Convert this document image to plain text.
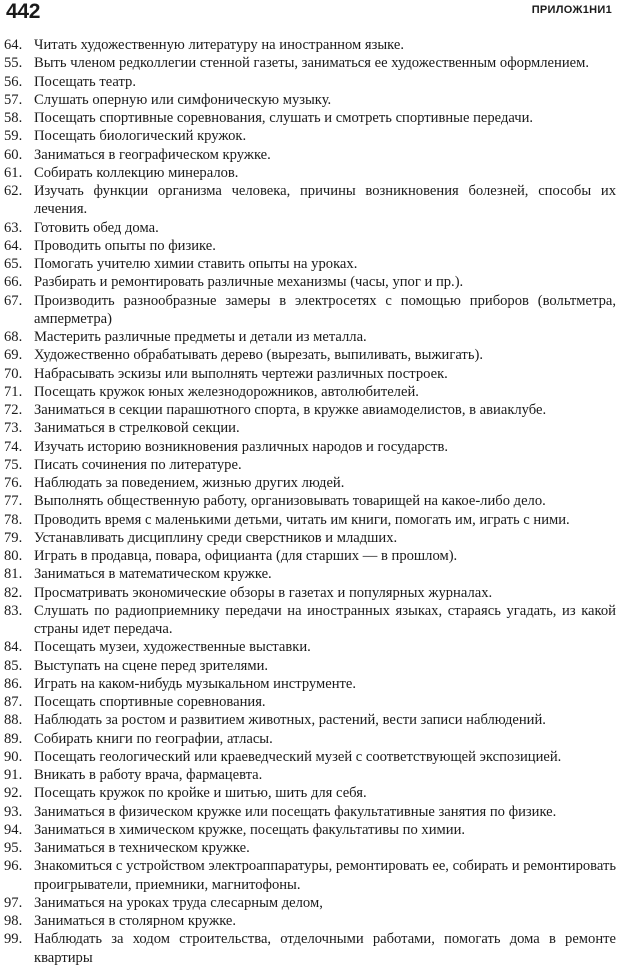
442	ПРИЛОЖ1НИ1
64. Читать художественную литературу на иностранном языке.
55. Выть членом редколлегии стенной газеты, заниматься ее художественным оформлением.
56. Посещать театр.
57. Слушать оперную или симфоническую музыку.
58. Посещать спортивные соревнования, слушать и смотреть спортивные передачи.
59. Посещать биологический кружок.
60. Заниматься в географическом кружке.
61. Собирать коллекцию минералов.
62. Изучать функции организма человека, причины возникновения болезней, способы их лечения.
63. Готовить обед дома.
64. Проводить опыты по физике.
65. Помогать учителю химии ставить опыты на уроках.
66. Разбирать и ремонтировать различные механизмы (часы, упог и пр.).
67. Производить разнообразные замеры в электросетях с помощью приборов (вольтметра, амперметра)
68. Мастерить различные предметы и детали из металла.
69. Художественно обрабатывать дерево (вырезать, выпиливать, выжигать).
70. Набрасывать эскизы или выполнять чертежи различных построек.
71. Посещать кружок юных железнодорожников, автолюбителей.
72. Заниматься в секции парашютного спорта, в кружке авиамоделистов, в авиаклубе.
73. Заниматься в стрелковой секции.
74. Изучать историю возникновения различных народов и государств.
75. Писать сочинения по литературе.
76. Наблюдать за поведением, жизнью других людей.
77. Выполнять общественную работу, организовывать товарищей на какое-либо дело.
78. Проводить время с маленькими детьми, читать им книги, помогать им, играть с ними.
79. Устанавливать дисциплину среди сверстников и младших.
80. Играть в продавца, повара, официанта (для старших — в прошлом).
81. Заниматься в математическом кружке.
82. Просматривать экономические обзоры в газетах и популярных журналах.
83. Слушать по радиоприемнику передачи на иностранных языках, стараясь угадать, из какой страны идет передача.
84. Посещать музеи, художественные выставки.
85. Выступать на сцене перед зрителями.
86. Играть на каком-нибудь музыкальном инструменте.
87. Посещать спортивные соревнования.
88. Наблюдать за ростом и развитием животных, растений, вести записи наблюдений.
89. Собирать книги по географии, атласы.
90. Посещать геологический или краеведческий музей с соответствующей экспозицией.
91. Вникать в работу врача, фармацевта.
92. Посещать кружок по кройке и шитью, шить для себя.
93. Заниматься в физическом кружке или посещать факультативные занятия по физике.
94. Заниматься в химическом кружке, посещать факультативы по химии.
95. Заниматься в техническом кружке.
96. Знакомиться с устройством электроаппаратуры, ремонтировать ее, собирать и ремонтировать проигрыватели, приемники, магнитофоны.
97. Заниматься на уроках труда слесарным делом,
98. Заниматься в столярном кружке.
99. Наблюдать за ходом строительства, отделочными работами, помогать дома в ремонте квартиры
